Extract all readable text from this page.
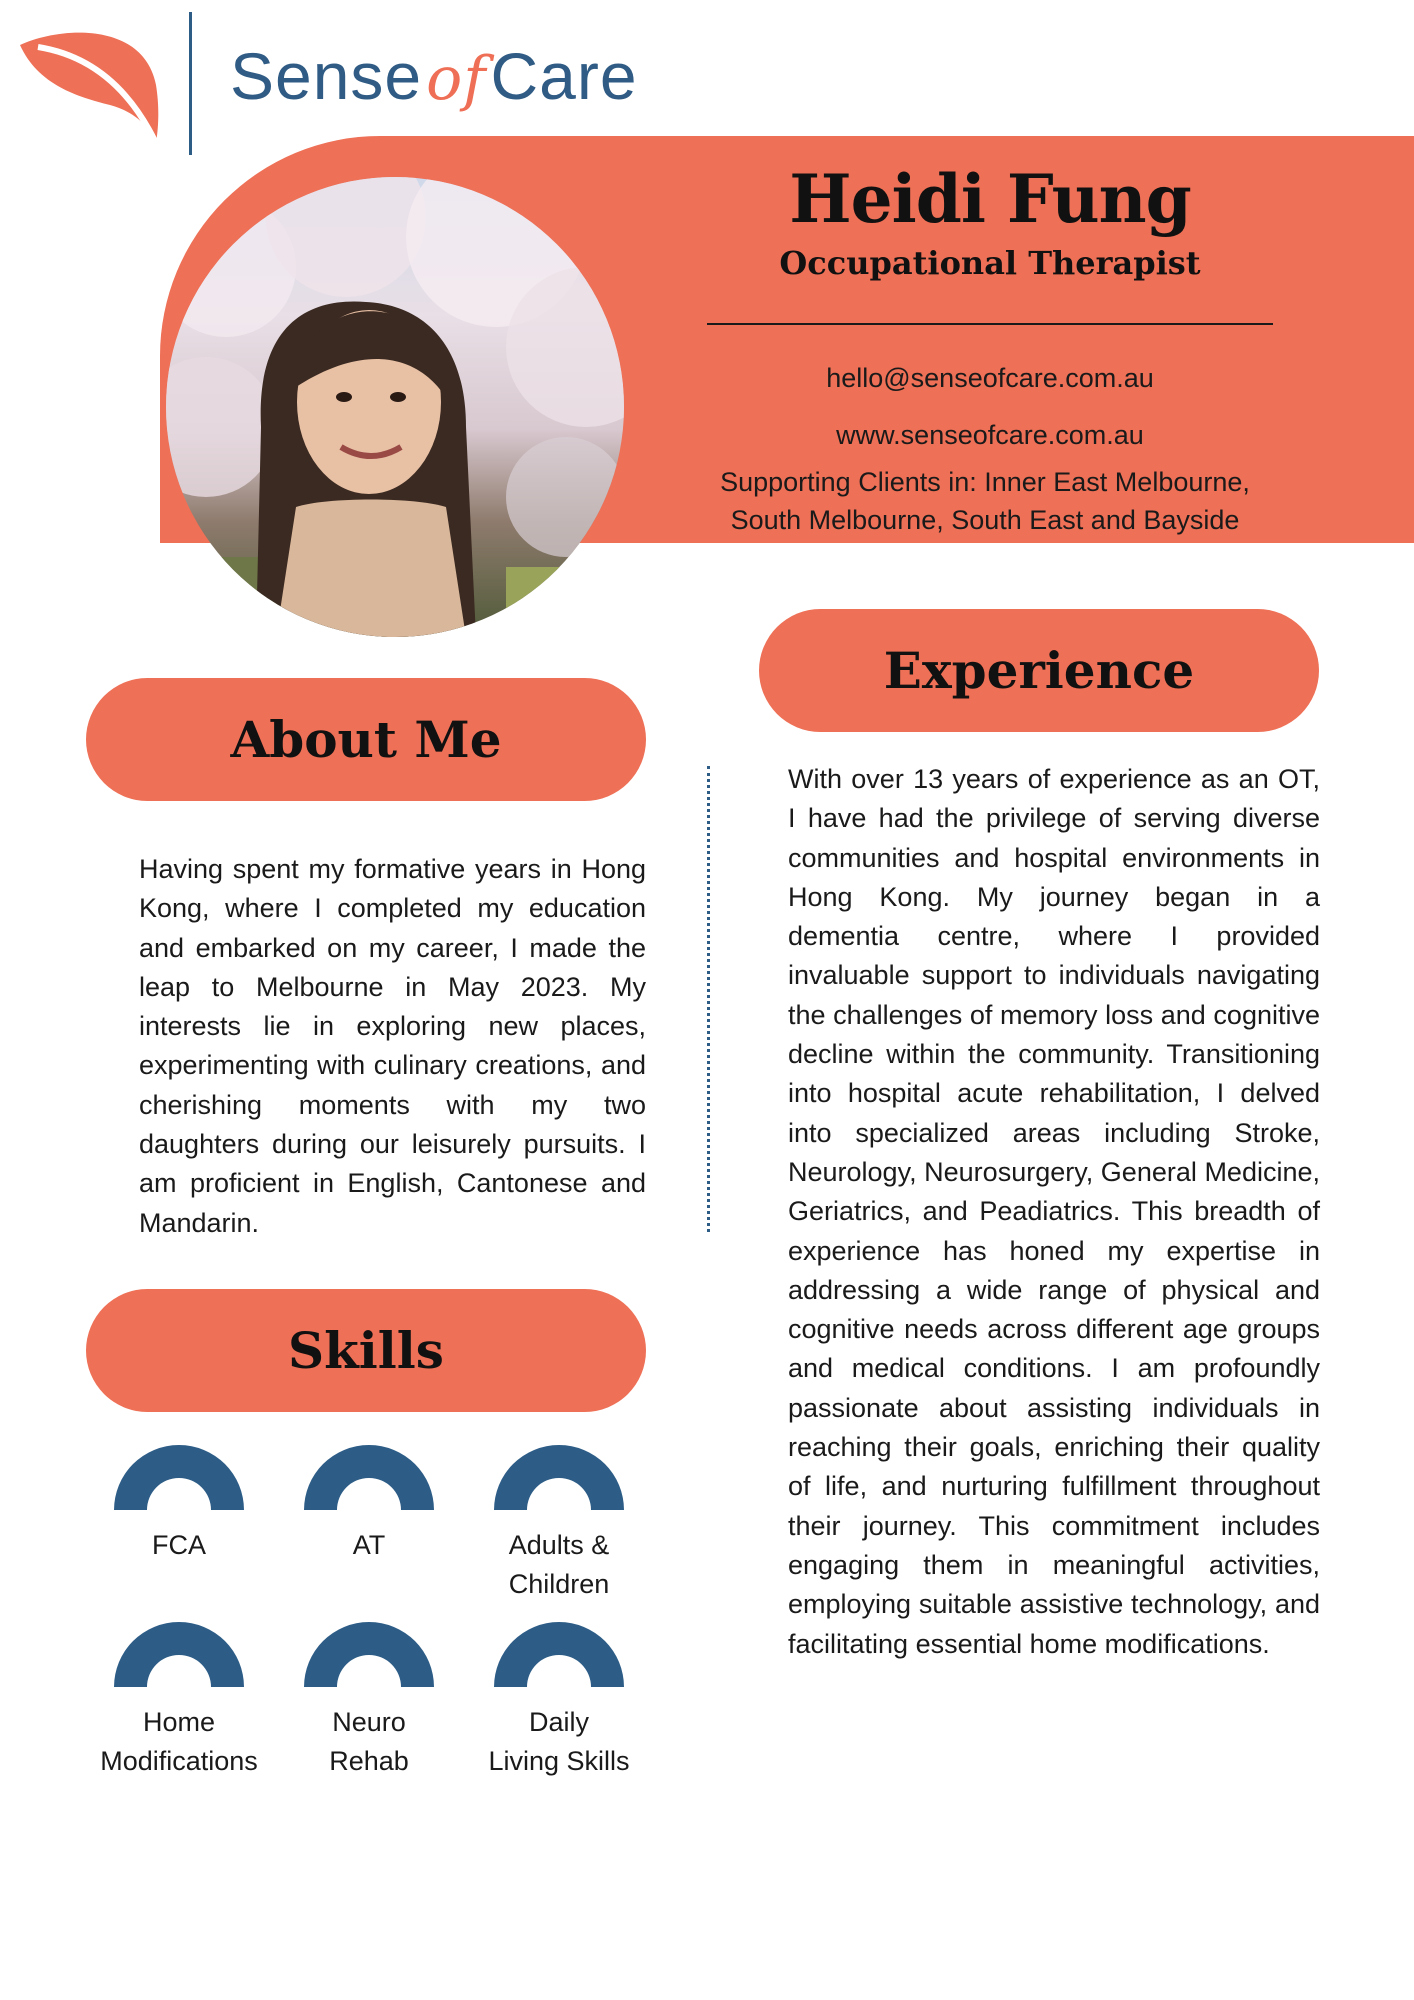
SenseofCare
Heidi Fung
Occupational Therapist
hello@senseofcare.com.au
www.senseofcare.com.au
Supporting Clients in: Inner East Melbourne,
South Melbourne, South East and Bayside
About Me
Having spent my formative years in Hong Kong, where I completed my education and embarked on my career, I made the leap to Melbourne in May 2023. My interests lie in exploring new places, experimenting with culinary creations, and cherishing moments with my two daughters during our leisurely pursuits. I am proficient in English, Cantonese and Mandarin.
Experience
With over 13 years of experience as an OT, I have had the privilege of serving diverse communities and hospital environments in Hong Kong. My journey began in a dementia centre, where I provided invaluable support to individuals navigating the challenges of memory loss and cognitive decline within the community. Transitioning into hospital acute rehabilitation, I delved into specialized areas including Stroke, Neurology, Neurosurgery, General Medicine, Geriatrics, and Peadiatrics. This breadth of experience has honed my expertise in addressing a wide range of physical and cognitive needs across different age groups and medical conditions. I am profoundly passionate about assisting individuals in reaching their goals, enriching their quality of life, and nurturing fulfillment throughout their journey. This commitment includes engaging them in meaningful activities, employing suitable assistive technology, and facilitating essential home modifications.
Skills
FCA	AT	Adults &
Children
Home
Modifications
Neuro
Rehab
Daily
Living Skills
